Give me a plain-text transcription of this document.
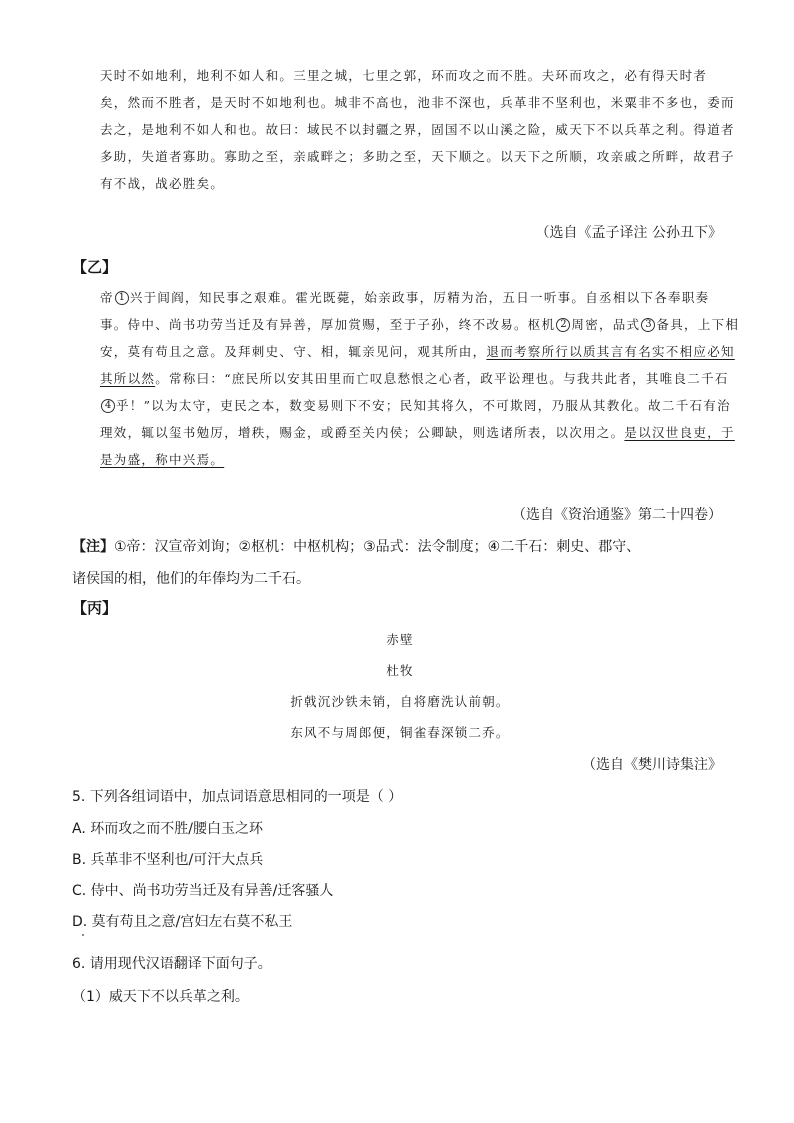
天时不如地利，地利不如人和。三里之城，七里之郭，环而攻之而不胜。夫环而攻之，必有得天时者
矣，然而不胜者，是天时不如地利也。城非不高也，池非不深也，兵革非不坚利也，米粟非不多也，委而
去之，是地利不如人和也。故曰：域民不以封疆之界，固国不以山溪之险，威天下不以兵革之利。得道者
多助，失道者寡助。寡助之至，亲戚畔之；多助之至，天下顺之。以天下之所顺，攻亲戚之所畔，故君子
有不战，战必胜矣。
（选自《孟子译注 公孙丑下》
【乙】
帝 1 兴于闾阎，知民事之艰难。霍光既薨，始亲政事，厉精为治，五日一听事。自丞相以下各奉职奏
事。侍中、尚书功劳当迁及有异善，厚加赏赐，至于子孙，终不改易。枢机 2 周密，品式 3 备具，上下相
安，莫有苟且之意。及拜刺史、守、相，辄亲见问，观其所由，退而考察所行以质其言有名实不相应必知
其所以然。常称曰：“庶民所以安其田里而亡叹息愁恨之心者，政平讼理也。与我共此者，其唯良二千石
4 乎！”以为太守，吏民之本，数变易则下不安；民知其将久，不可欺罔，乃服从其教化。故二千石有治
理效，辄以玺书勉厉，增秩，赐金，或爵至关内侯；公卿缺，则选诸所表，以次用之。是以汉世良吏，于
是为盛，称中兴焉。
（选自《资治通鉴》第二十四卷）
【注】①帝：汉宣帝刘询；②枢机：中枢机构；③品式：法令制度；④二千石：刺史、郡守、
诸侯国的相，他们的年俸均为二千石。
【丙】
赤壁
杜牧
折戟沉沙铁未销，自将磨洗认前朝。
东风不与周郎便，铜雀春深锁二乔。
（选自《樊川诗集注》
5. 下列各组词语中，加点词语意思相同的一项是（ ）
A. 环而攻之而不胜/腰白玉之环
B. 兵革非不坚利也/可汗大点兵
C. 侍中、尚书功劳当迁及有异善/迁客骚人
D. 莫有苟且之意/宫妇左右莫不私王
6. 请用现代汉语翻译下面句子。
（1）威天下不以兵革之利。
